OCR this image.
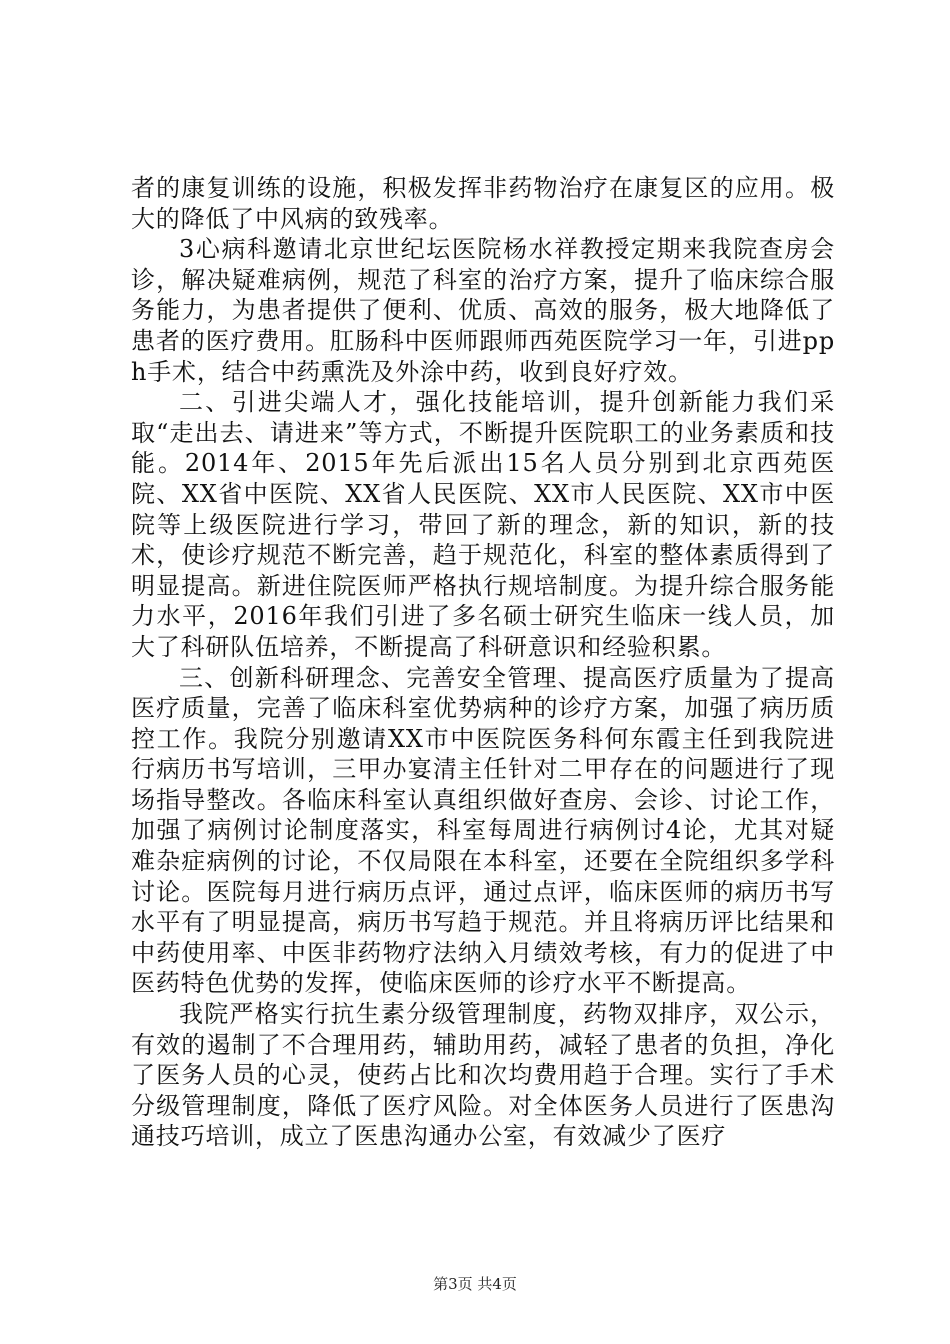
者的康复训练的设施，积极发挥非药物治疗在康复区的应用。极大的降低了中风病的致残率。

3心病科邀请北京世纪坛医院杨水祥教授定期来我院查房会诊，解决疑难病例，规范了科室的治疗方案，提升了临床综合服务能力，为患者提供了便利、优质、高效的服务，极大地降低了患者的医疗费用。肛肠科中医师跟师西苑医院学习一年，引进pph手术，结合中药熏洗及外涂中药，收到良好疗效。

二、引进尖端人才，强化技能培训，提升创新能力我们采取“走出去、请进来”等方式，不断提升医院职工的业务素质和技能。2014年、2015年先后派出15名人员分别到北京西苑医院、XX省中医院、XX省人民医院、XX市人民医院、XX市中医院等上级医院进行学习，带回了新的理念，新的知识，新的技术，使诊疗规范不断完善，趋于规范化，科室的整体素质得到了明显提高。新进住院医师严格执行规培制度。为提升综合服务能力水平，2016年我们引进了多名硕士研究生临床一线人员，加大了科研队伍培养，不断提高了科研意识和经验积累。

三、创新科研理念、完善安全管理、提高医疗质量为了提高医疗质量，完善了临床科室优势病种的诊疗方案，加强了病历质控工作。我院分别邀请XX市中医院医务科何东霞主任到我院进行病历书写培训，三甲办宴清主任针对二甲存在的问题进行了现场指导整改。各临床科室认真组织做好查房、会诊、讨论工作，加强了病例讨论制度落实，科室每周进行病例讨4论，尤其对疑难杂症病例的讨论，不仅局限在本科室，还要在全院组织多学科讨论。医院每月进行病历点评，通过点评，临床医师的病历书写水平有了明显提高，病历书写趋于规范。并且将病历评比结果和中药使用率、中医非药物疗法纳入月绩效考核，有力的促进了中医药特色优势的发挥，使临床医师的诊疗水平不断提高。

我院严格实行抗生素分级管理制度，药物双排序，双公示，有效的遏制了不合理用药，辅助用药，减轻了患者的负担，净化了医务人员的心灵，使药占比和次均费用趋于合理。实行了手术分级管理制度，降低了医疗风险。对全体医务人员进行了医患沟通技巧培训，成立了医患沟通办公室，有效减少了医疗

第3页 共4页
